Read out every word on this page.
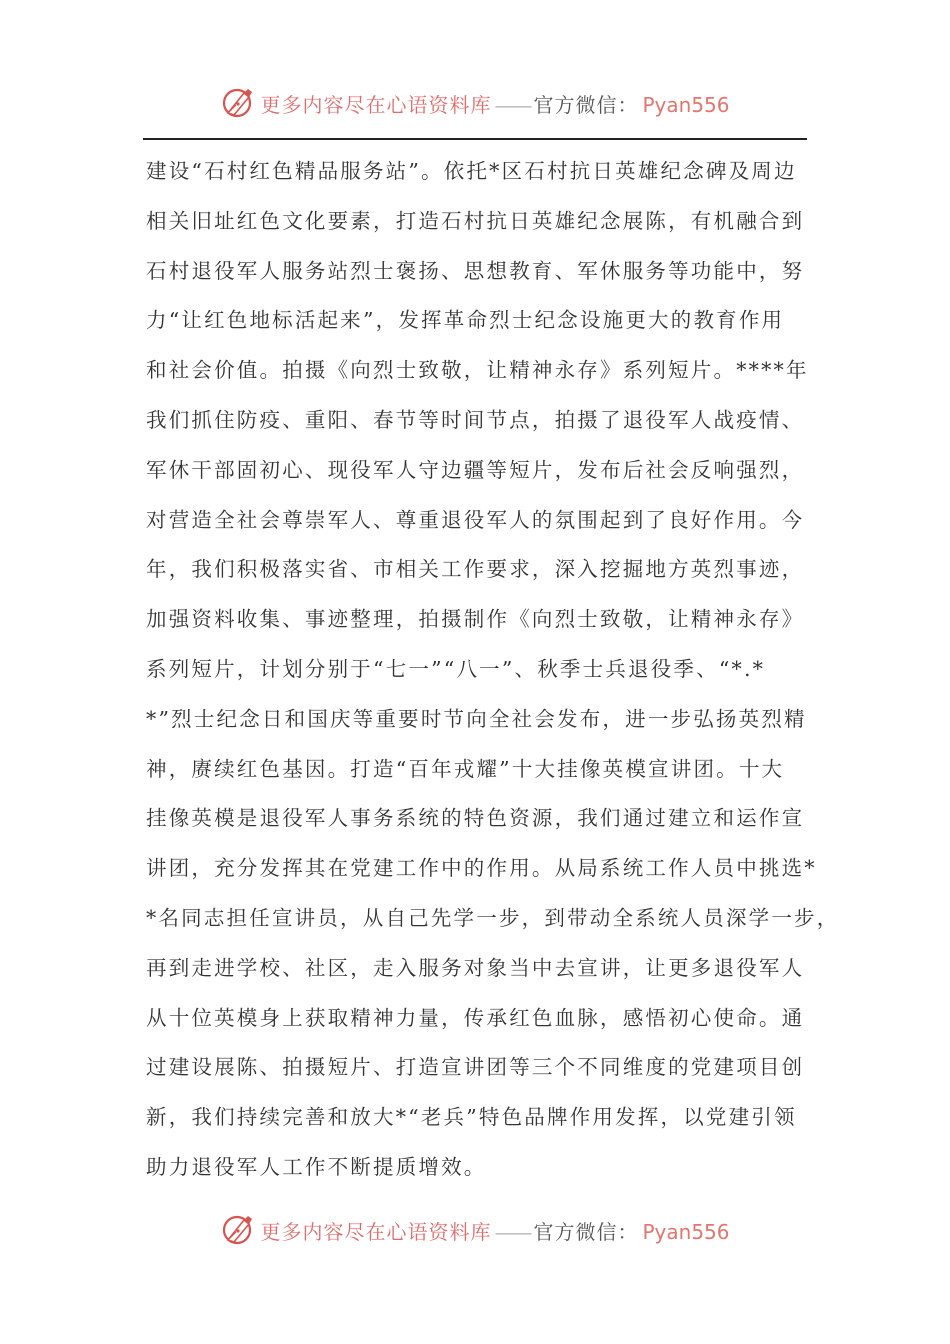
更多内容尽在心语资料库 —— 官方微信： Pyan556
建设“石村红色精品服务站”。依托*区石村抗日英雄纪念碑及周边
相关旧址红色文化要素，打造石村抗日英雄纪念展陈，有机融合到
石村退役军人服务站烈士褒扬、思想教育、军休服务等功能中，努
力“让红色地标活起来”，发挥革命烈士纪念设施更大的教育作用
和社会价值。拍摄《向烈士致敬，让精神永存》系列短片。****年
我们抓住防疫、重阳、春节等时间节点，拍摄了退役军人战疫情、
军休干部固初心、现役军人守边疆等短片，发布后社会反响强烈，
对营造全社会尊崇军人、尊重退役军人的氛围起到了良好作用。今
年，我们积极落实省、市相关工作要求，深入挖掘地方英烈事迹，
加强资料收集、事迹整理，拍摄制作《向烈士致敬，让精神永存》
系列短片，计划分别于“七一”“八一”、秋季士兵退役季、“*.*
*”烈士纪念日和国庆等重要时节向全社会发布，进一步弘扬英烈精
神，赓续红色基因。打造“百年戎耀”十大挂像英模宣讲团。十大
挂像英模是退役军人事务系统的特色资源，我们通过建立和运作宣
讲团，充分发挥其在党建工作中的作用。从局系统工作人员中挑选*
*名同志担任宣讲员，从自己先学一步，到带动全系统人员深学一步，
再到走进学校、社区，走入服务对象当中去宣讲，让更多退役军人
从十位英模身上获取精神力量，传承红色血脉，感悟初心使命。通
过建设展陈、拍摄短片、打造宣讲团等三个不同维度的党建项目创
新，我们持续完善和放大*“老兵”特色品牌作用发挥，以党建引领
助力退役军人工作不断提质增效。
更多内容尽在心语资料库 —— 官方微信： Pyan556
